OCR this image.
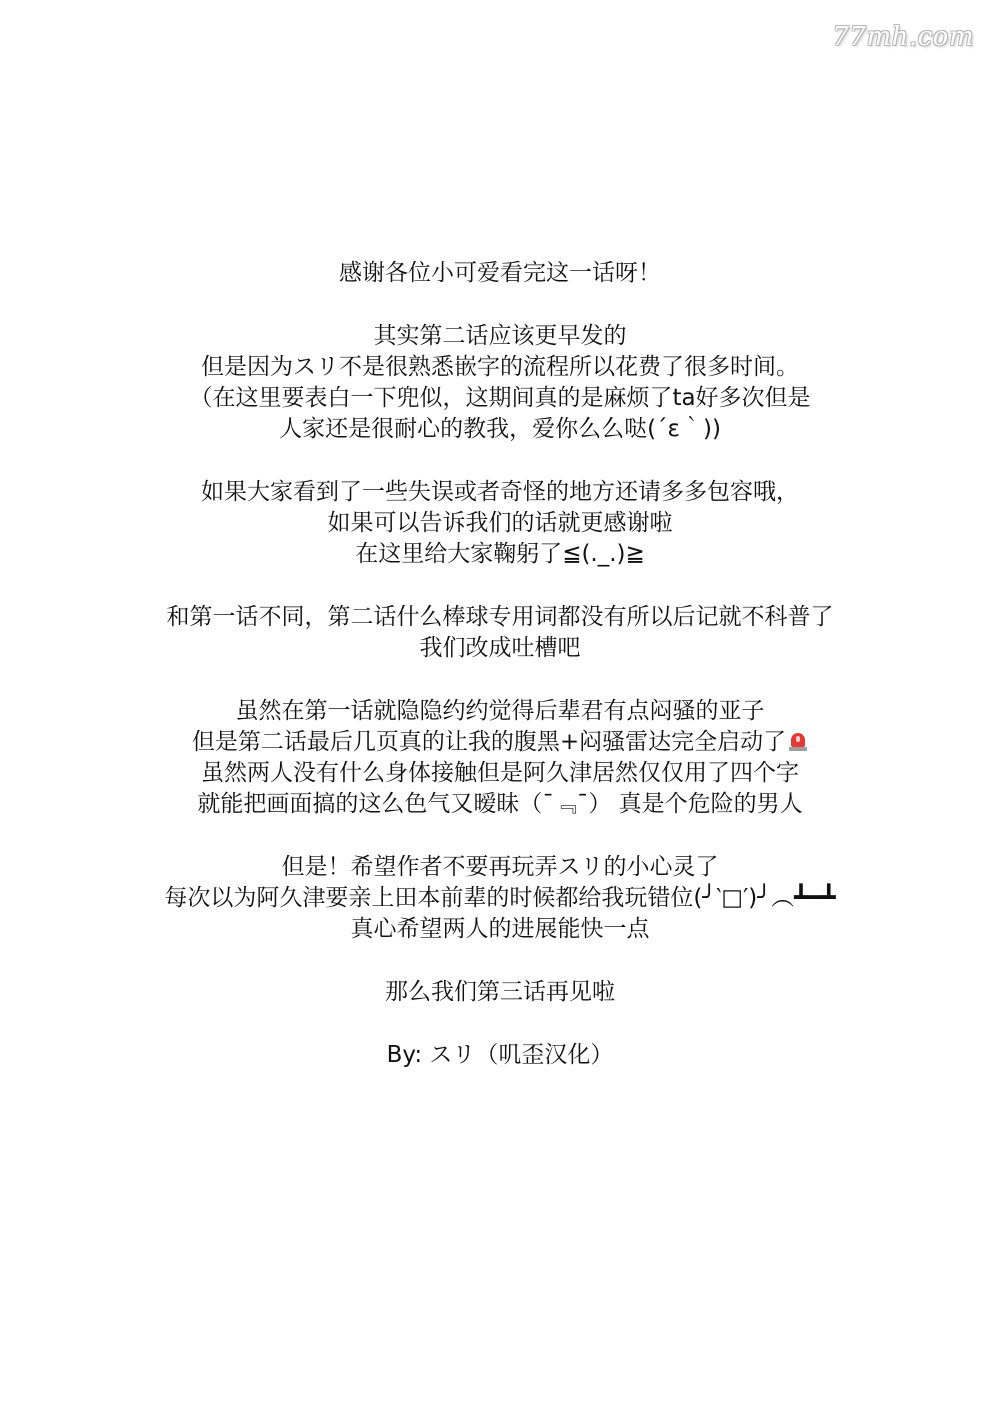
77mh.com
感谢各位小可爱看完这一话呀！
其实第二话应该更早发的
但是因为スリ不是很熟悉嵌字的流程所以花费了很多时间。
（在这里要表白一下兜似，这期间真的是麻烦了ta好多次但是
人家还是很耐心的教我，爱你么么哒(´ε｀))
如果大家看到了一些失误或者奇怪的地方还请多多包容哦，
如果可以告诉我们的话就更感谢啦
在这里给大家鞠躬了≦(._.)≧
和第一话不同，第二话什么棒球专用词都没有所以后记就不科普了
我们改成吐槽吧
虽然在第一话就隐隐约约觉得后辈君有点闷骚的亚子
但是第二话最后几页真的让我的腹黑+闷骚雷达完全启动了
虽然两人没有什么身体接触但是阿久津居然仅仅用了四个字
就能把画面搞的这么色气又暧昧（¯﹃¯） 真是个危险的男人
但是！希望作者不要再玩弄スリ的小心灵了
每次以为阿久津要亲上田本前辈的时候都给我玩错位(╯‵□′)╯︵┻━┻
真心希望两人的进展能快一点
那么我们第三话再见啦
By: スリ（叽歪汉化）
